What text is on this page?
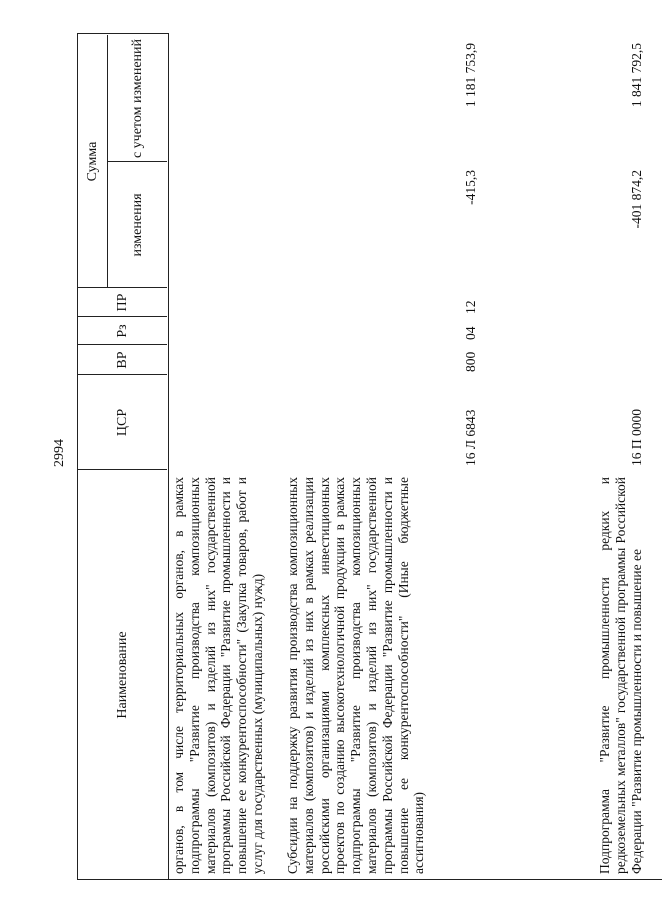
2994
Наименование
ЦСР
ВР
Рз
ПР
Сумма
изменения
с учетом изменений
органов, в том числе территориальных органов, в рамках подпрограммы "Развитие производства композиционных материалов (композитов) и изделий из них" государственной программы Российской Федерации "Развитие промышленности и повышение ее конкурентоспособности" (Закупка товаров, работ и услуг для государственных (муниципальных) нужд) Субсидии на поддержку развития производства композиционных материалов (композитов) и изделий из них в рамках реализации российскими организациями комплексных инвестиционных проектов по созданию высокотехнологичной продукции в рамках подпрограммы "Развитие производства композиционных материалов (композитов) и изделий из них" государственной программы Российской Федерации "Развитие промышленности и повышение ее конкурентоспособности" (Иные бюджетные ассигнования)
16 Л 6843
800
04
12
-415,3
1 181 753,9
Подпрограмма "Развитие промышленности редких и редкоземельных металлов" государственной программы Российской Федерации "Развитие промышленности и повышение ее
16 П 0000
-401 874,2
1 841 792,5
